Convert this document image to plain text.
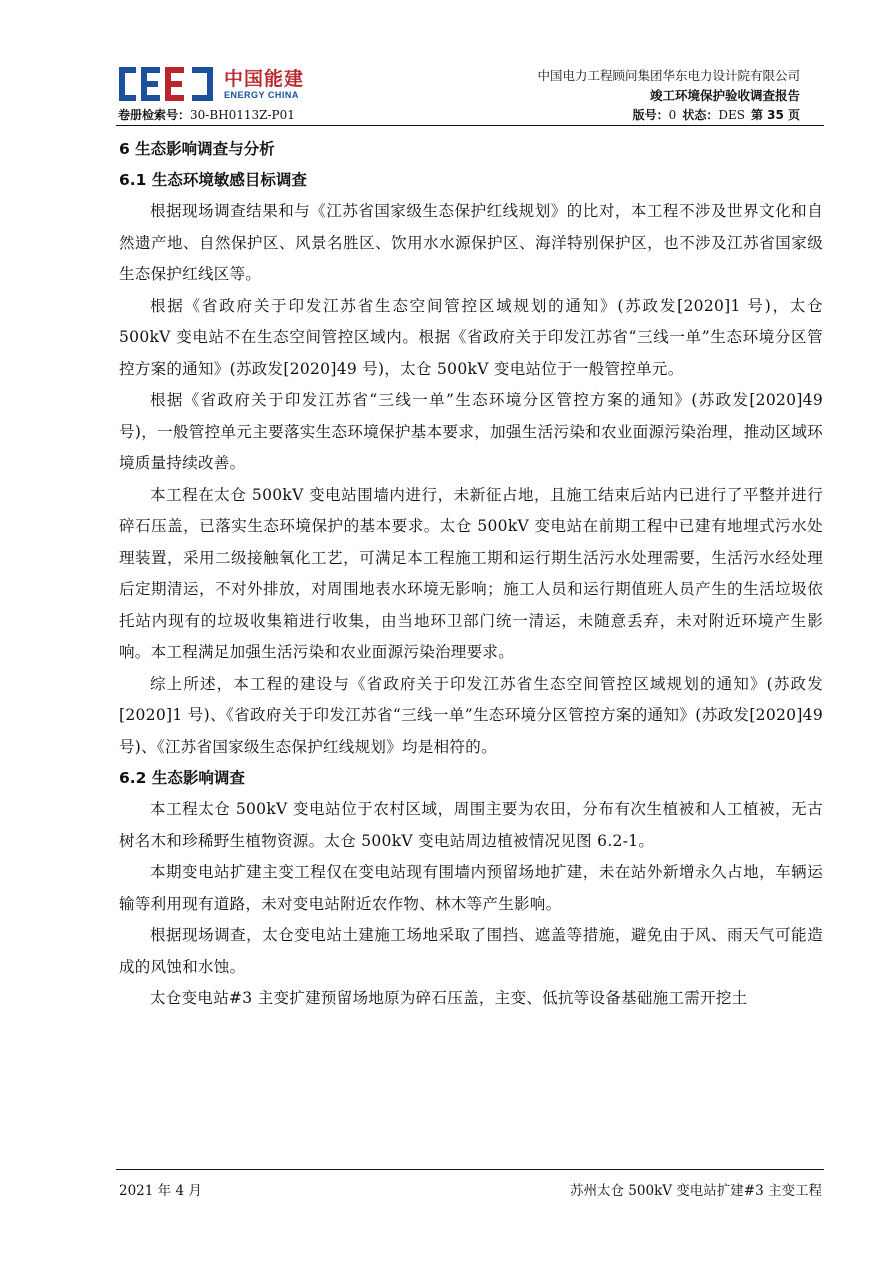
中国能建
ENERGY CHINA
中国电力工程顾问集团华东电力设计院有限公司
竣工环境保护验收调查报告
卷册检索号：30-BH0113Z-P01	版号：0 状态：DES 第 35 页
6 生态影响调查与分析
6.1 生态环境敏感目标调查

根据现场调查结果和与《江苏省国家级生态保护红线规划》的比对，本工程不涉及世界文化和自然遗产地、自然保护区、风景名胜区、饮用水水源保护区、海洋特别保护区，也不涉及江苏省国家级生态保护红线区等。

根据《省政府关于印发江苏省生态空间管控区域规划的通知》(苏政发[2020]1 号)，太仓 500kV 变电站不在生态空间管控区域内。根据《省政府关于印发江苏省“三线一单”生态环境分区管控方案的通知》(苏政发[2020]49 号)，太仓 500kV 变电站位于一般管控单元。

根据《省政府关于印发江苏省“三线一单”生态环境分区管控方案的通知》(苏政发[2020]49 号)，一般管控单元主要落实生态环境保护基本要求，加强生活污染和农业面源污染治理，推动区域环境质量持续改善。

本工程在太仓 500kV 变电站围墙内进行，未新征占地，且施工结束后站内已进行了平整并进行碎石压盖，已落实生态环境保护的基本要求。太仓 500kV 变电站在前期工程中已建有地埋式污水处理装置，采用二级接触氧化工艺，可满足本工程施工期和运行期生活污水处理需要，生活污水经处理后定期清运，不对外排放，对周围地表水环境无影响；施工人员和运行期值班人员产生的生活垃圾依托站内现有的垃圾收集箱进行收集，由当地环卫部门统一清运，未随意丢弃，未对附近环境产生影响。本工程满足加强生活污染和农业面源污染治理要求。

综上所述，本工程的建设与《省政府关于印发江苏省生态空间管控区域规划的通知》(苏政发[2020]1 号)、《省政府关于印发江苏省“三线一单”生态环境分区管控方案的通知》(苏政发[2020]49 号)、《江苏省国家级生态保护红线规划》均是相符的。

6.2 生态影响调查

本工程太仓 500kV 变电站位于农村区域，周围主要为农田，分布有次生植被和人工植被，无古树名木和珍稀野生植物资源。太仓 500kV 变电站周边植被情况见图 6.2-1。

本期变电站扩建主变工程仅在变电站现有围墙内预留场地扩建，未在站外新增永久占地，车辆运输等利用现有道路，未对变电站附近农作物、林木等产生影响。

根据现场调查，太仓变电站土建施工场地采取了围挡、遮盖等措施，避免由于风、雨天气可能造成的风蚀和水蚀。

太仓变电站#3 主变扩建预留场地原为碎石压盖，主变、低抗等设备基础施工需开挖土

2021 年 4 月	苏州太仓 500kV 变电站扩建#3 主变工程
